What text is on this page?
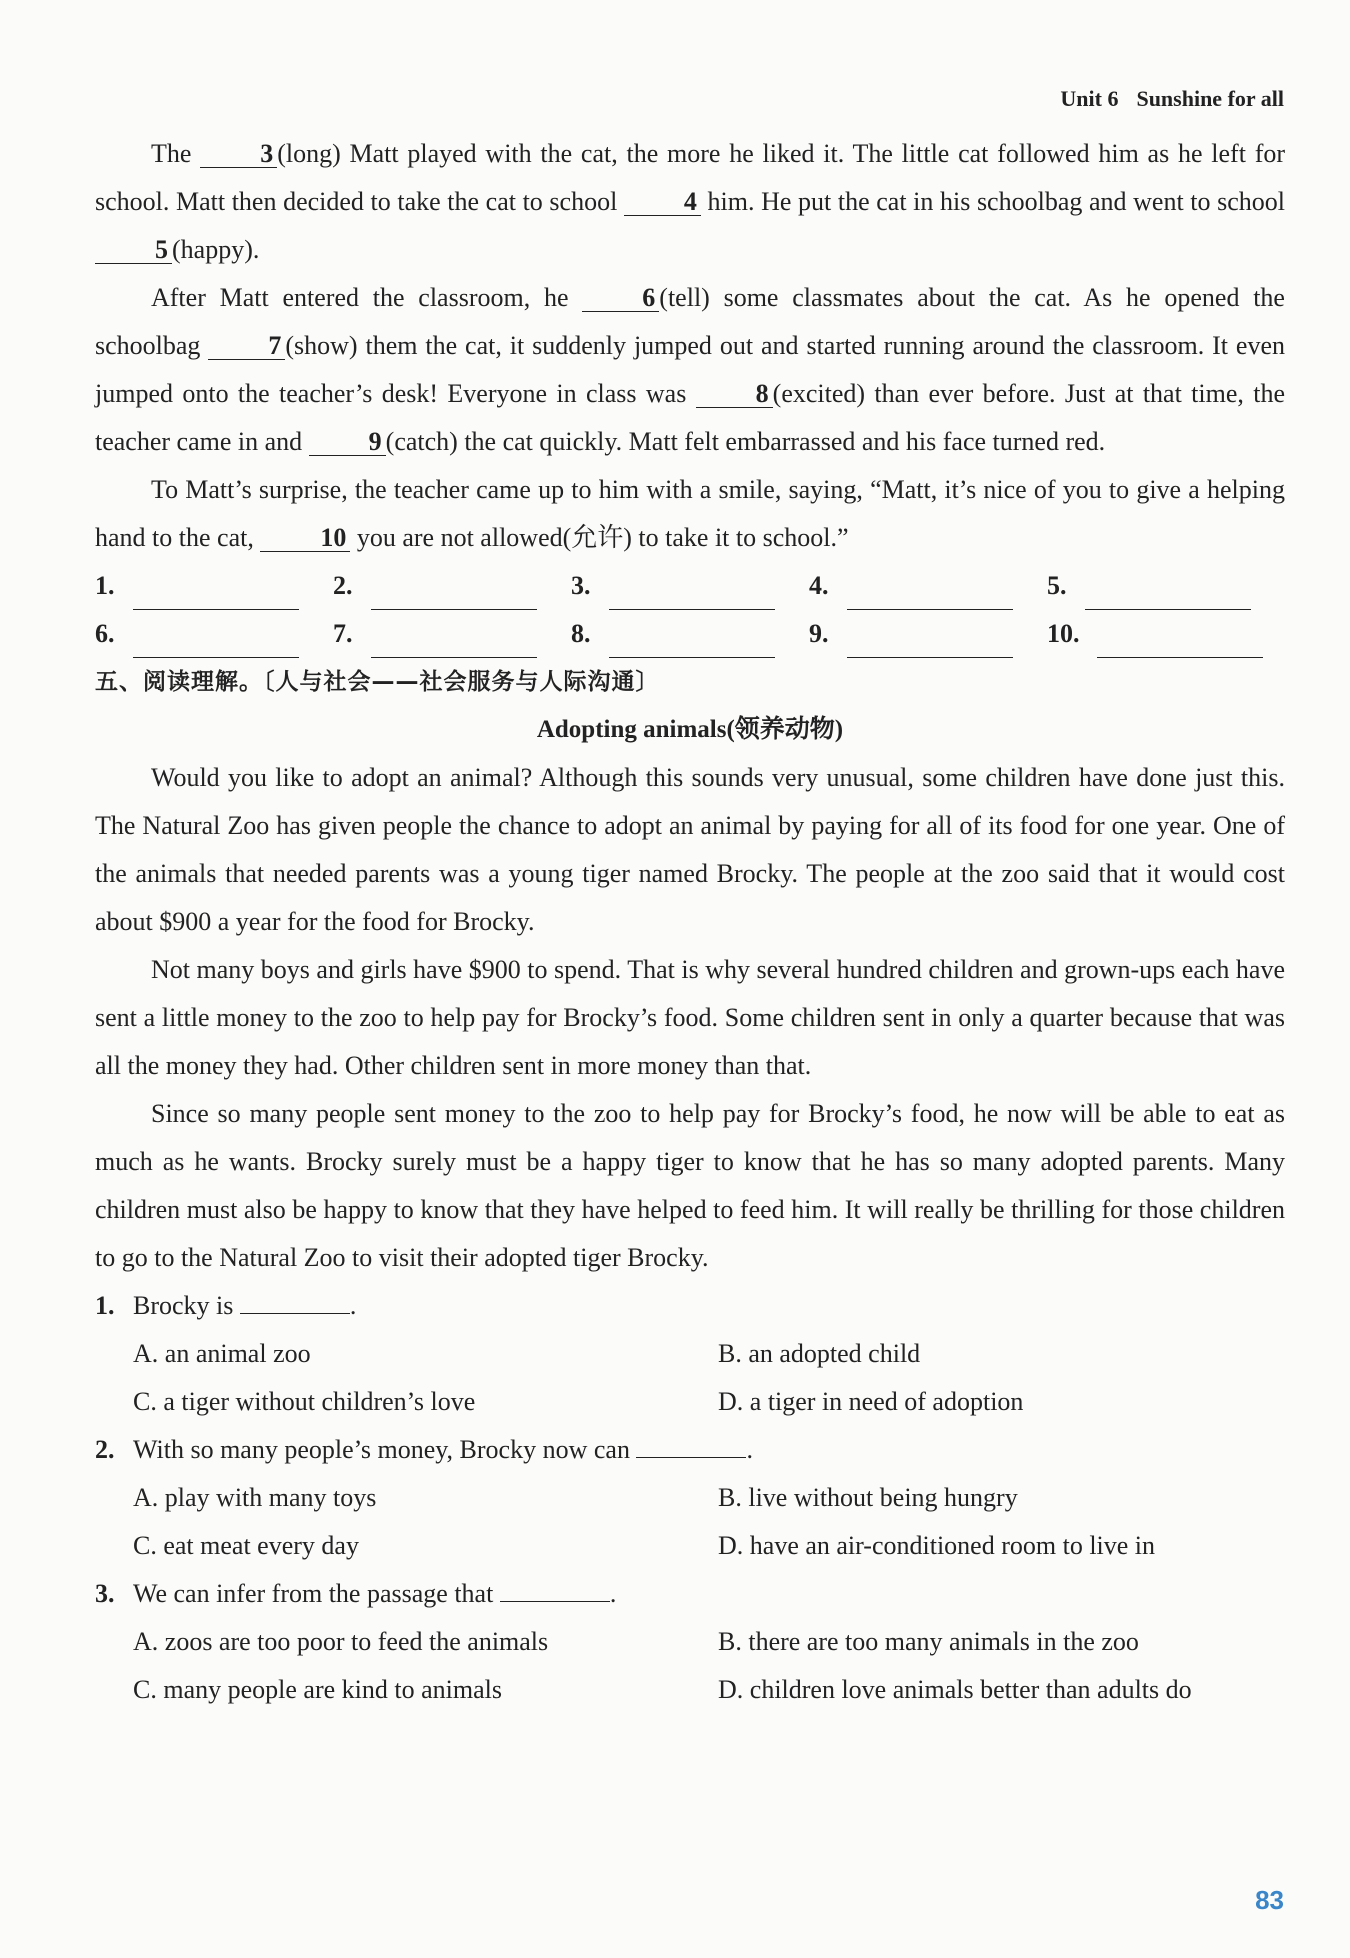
Unit 6 Sunshine for all

The 3 (long) Matt played with the cat, the more he liked it. The little cat followed him as he left for school. Matt then decided to take the cat to school 4 him. He put the cat in his schoolbag and went to school 5 (happy).

After Matt entered the classroom, he 6 (tell) some classmates about the cat. As he opened the schoolbag 7 (show) them the cat, it suddenly jumped out and started running around the classroom. It even jumped onto the teacher’s desk! Everyone in class was 8 (excited) than ever before. Just at that time, the teacher came in and 9 (catch) the cat quickly. Matt felt embarrassed and his face turned red.

To Matt’s surprise, the teacher came up to him with a smile, saying, “Matt, it’s nice of you to give a helping hand to the cat, 10 you are not allowed(允许) to take it to school.”

1.	2.	3.	4.	5.
6.	7.	8.	9.	10.
五、阅读理解。〔人与社会——社会服务与人际沟通〕
Adopting animals(领养动物)

Would you like to adopt an animal? Although this sounds very unusual, some children have done just this. The Natural Zoo has given people the chance to adopt an animal by paying for all of its food for one year. One of the animals that needed parents was a young tiger named Brocky. The people at the zoo said that it would cost about $900 a year for the food for Brocky.

Not many boys and girls have $900 to spend. That is why several hundred children and grown-ups each have sent a little money to the zoo to help pay for Brocky’s food. Some children sent in only a quarter because that was all the money they had. Other children sent in more money than that.

Since so many people sent money to the zoo to help pay for Brocky’s food, he now will be able to eat as much as he wants. Brocky surely must be a happy tiger to know that he has so many adopted parents. Many children must also be happy to know that they have helped to feed him. It will really be thrilling for those children to go to the Natural Zoo to visit their adopted tiger Brocky.

1. Brocky is	.
A. an animal zoo	B. an adopted child
C. a tiger without children’s love	D. a tiger in need of adoption
2. With so many people’s money, Brocky now can	.
A. play with many toys	B. live without being hungry
C. eat meat every day	D. have an air-conditioned room to live in
3. We can infer from the passage that	.
A. zoos are too poor to feed the animals	B. there are too many animals in the zoo
C. many people are kind to animals	D. children love animals better than adults do
83
